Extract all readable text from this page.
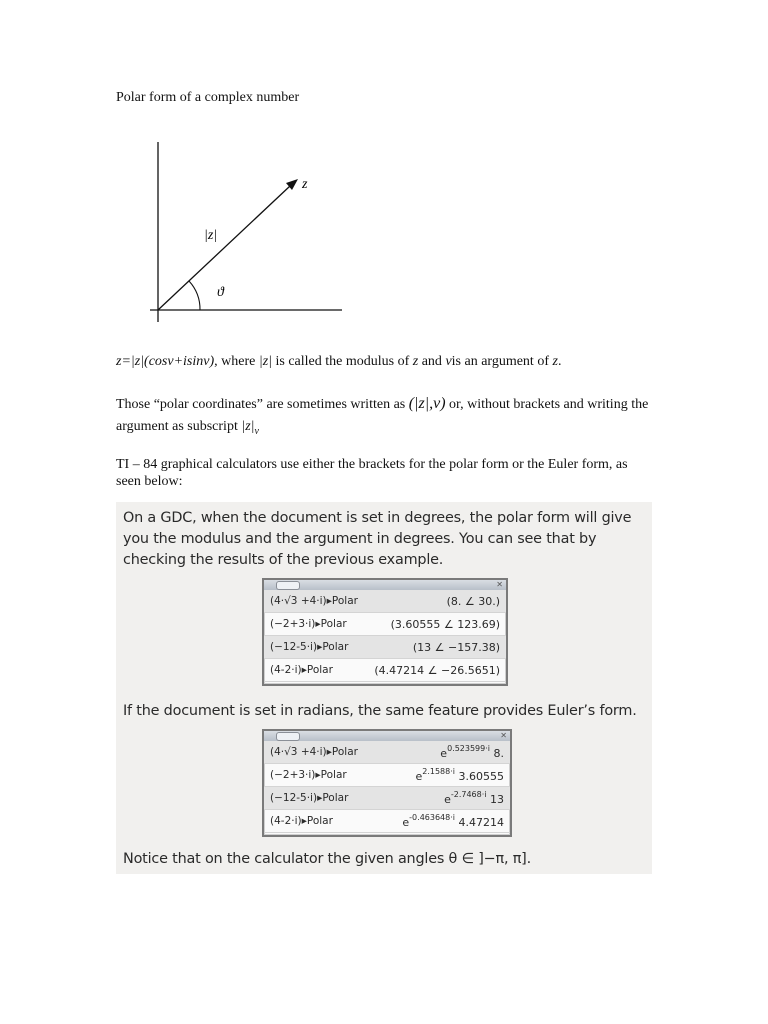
Polar form of a complex number
z
|z|
ϑ
z=|z|(cosv+isinv), where |z| is called the modulus of z and vis an argument of z.
Those “polar coordinates” are sometimes written as (|z|,v) or, without brackets and writing the argument as subscript $|z|_v$
TI – 84 graphical calculators use either the brackets for the polar form or the Euler form, as seen below:
On a GDC, when the document is set in degrees, the polar form will give you the modulus and the argument in degrees. You can see that by checking the results of the previous example.
✕
(4·√3 +4·i)▸Polar	(8. ∠ 30.)
(−2+3·i)▸Polar	(3.60555 ∠ 123.69)
(−12-5·i)▸Polar	(13 ∠ −157.38)
(4-2·i)▸Polar	(4.47214 ∠ −26.5651)
If the document is set in radians, the same feature provides Euler’s form.
✕
(4·√3 +4·i)▸Polar	$e^{0.523599\cdot i}$ 8.
(−2+3·i)▸Polar	$e^{2.1588\cdot i}$ 3.60555
(−12-5·i)▸Polar	$e^{-2.7468\cdot i}$ 13
(4-2·i)▸Polar	$e^{-0.463648\cdot i}$ 4.47214
Notice that on the calculator the given angles θ ∈ ]−π, π].
